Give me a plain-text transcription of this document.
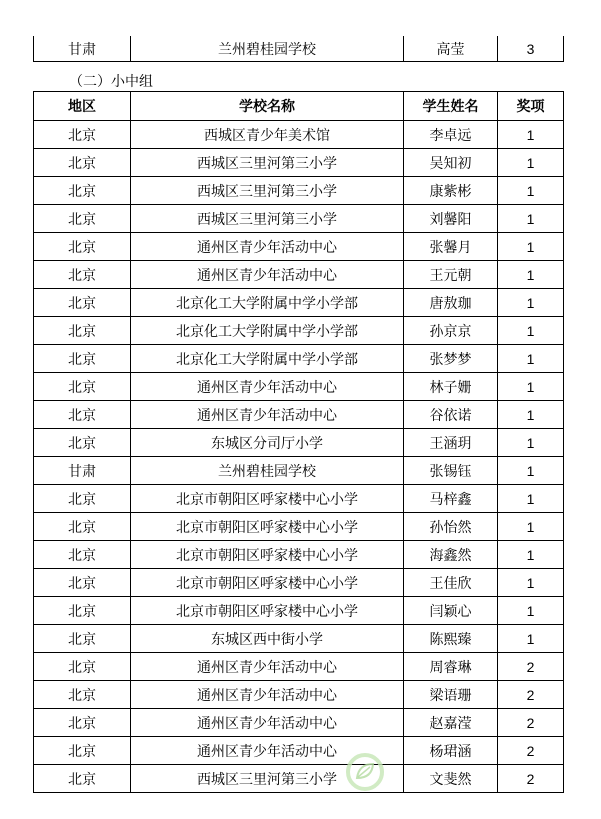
甘肃	兰州碧桂园学校	高莹	3
（二）小中组
地区	学校名称	学生姓名	奖项
北京	西城区青少年美术馆	李卓远	1
北京	西城区三里河第三小学	吴知初	1
北京	西城区三里河第三小学	康紫彬	1
北京	西城区三里河第三小学	刘馨阳	1
北京	通州区青少年活动中心	张馨月	1
北京	通州区青少年活动中心	王元朝	1
北京	北京化工大学附属中学小学部	唐敖珈	1
北京	北京化工大学附属中学小学部	孙京京	1
北京	北京化工大学附属中学小学部	张梦梦	1
北京	通州区青少年活动中心	林子姗	1
北京	通州区青少年活动中心	谷依诺	1
北京	东城区分司厅小学	王涵玥	1
甘肃	兰州碧桂园学校	张锡钰	1
北京	北京市朝阳区呼家楼中心小学	马梓鑫	1
北京	北京市朝阳区呼家楼中心小学	孙怡然	1
北京	北京市朝阳区呼家楼中心小学	海鑫然	1
北京	北京市朝阳区呼家楼中心小学	王佳欣	1
北京	北京市朝阳区呼家楼中心小学	闫颖心	1
北京	东城区西中街小学	陈熙臻	1
北京	通州区青少年活动中心	周睿琳	2
北京	通州区青少年活动中心	梁语珊	2
北京	通州区青少年活动中心	赵嘉滢	2
北京	通州区青少年活动中心	杨珺涵	2
北京	西城区三里河第三小学	文斐然	2
